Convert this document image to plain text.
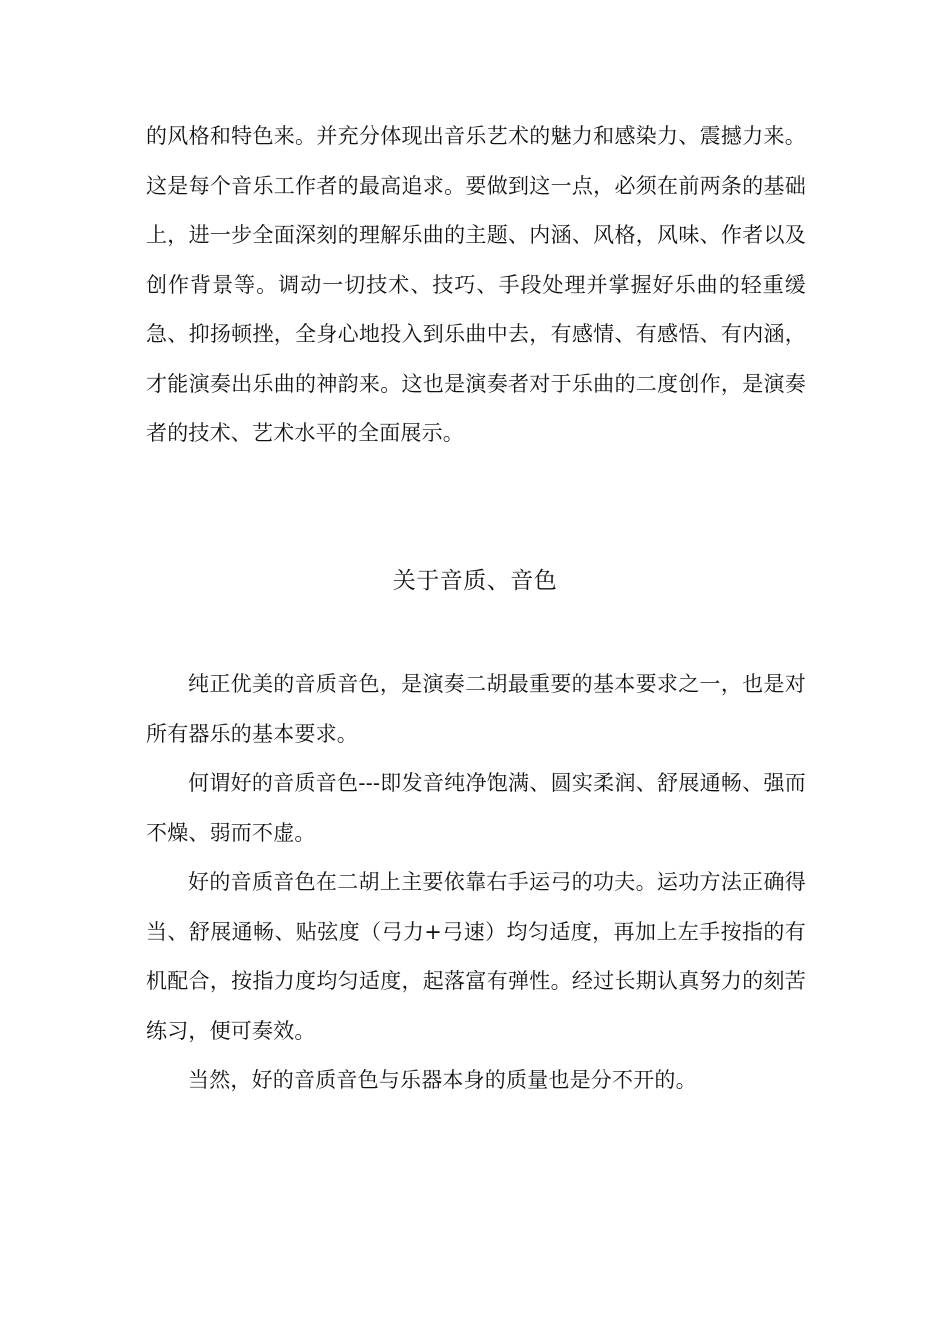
的风格和特色来。并充分体现出音乐艺术的魅力和感染力、震撼力来。这是每个音乐工作者的最高追求。要做到这一点，必须在前两条的基础上，进一步全面深刻的理解乐曲的主题、内涵、风格，风味、作者以及创作背景等。调动一切技术、技巧、手段处理并掌握好乐曲的轻重缓急、抑扬顿挫，全身心地投入到乐曲中去，有感情、有感悟、有内涵，才能演奏出乐曲的神韵来。这也是演奏者对于乐曲的二度创作，是演奏者的技术、艺术水平的全面展示。

关于音质、音色

纯正优美的音质音色，是演奏二胡最重要的基本要求之一，也是对所有器乐的基本要求。

何谓好的音质音色---即发音纯净饱满、圆实柔润、舒展通畅、强而不燥、弱而不虚。

好的音质音色在二胡上主要依靠右手运弓的功夫。运功方法正确得当、舒展通畅、贴弦度（弓力+弓速）均匀适度，再加上左手按指的有机配合，按指力度均匀适度，起落富有弹性。经过长期认真努力的刻苦练习，便可奏效。

当然，好的音质音色与乐器本身的质量也是分不开的。
